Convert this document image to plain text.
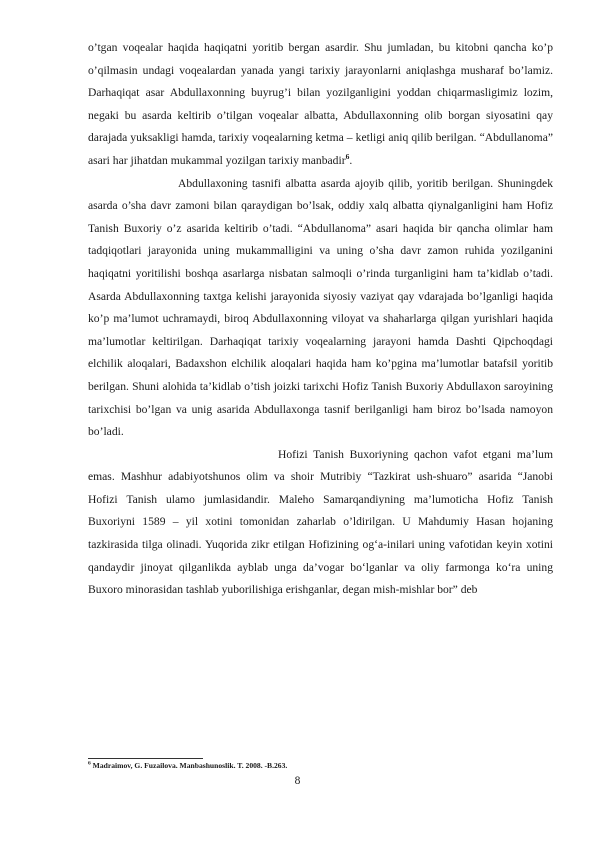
o’tgan voqealar haqida haqiqatni yoritib bergan asardir. Shu jumladan, bu kitobni qancha ko’p o’qilmasin undagi voqealardan yanada yangi tarixiy jarayonlarni aniqlashga musharaf bo’lamiz. Darhaqiqat asar Abdullaxonning buyrug’i bilan yozilganligini yoddan chiqarmasligimiz lozim, negaki bu asarda keltirib o’tilgan voqealar albatta, Abdullaxonning olib borgan siyosatini qay darajada yuksakligi hamda, tarixiy voqealarning ketma – ketligi aniq qilib berilgan. “Abdullanoma” asari har jihatdan mukammal yozilgan tarixiy manbadir$^6$.

Abdullaxoning tasnifi albatta asarda ajoyib qilib, yoritib berilgan. Shuningdek asarda o’sha davr zamoni bilan qaraydigan bo’lsak, oddiy xalq albatta qiynalganligini ham Hofiz Tanish Buxoriy o’z asarida keltirib o’tadi. “Abdullanoma” asari haqida bir qancha olimlar ham tadqiqotlari jarayonida uning mukammalligini va uning o’sha davr zamon ruhida yozilganini haqiqatni yoritilishi boshqa asarlarga nisbatan salmoqli o’rinda turganligini ham ta’kidlab o’tadi. Asarda Abdullaxonning taxtga kelishi jarayonida siyosiy vaziyat qay vdarajada bo’lganligi haqida ko’p ma’lumot uchramaydi, biroq Abdullaxonning viloyat va shaharlarga qilgan yurishlari haqida ma’lumotlar keltirilgan. Darhaqiqat tarixiy voqealarning jarayoni hamda Dashti Qipchoqdagi elchilik aloqalari, Badaxshon elchilik aloqalari haqida ham ko’pgina ma’lumotlar batafsil yoritib berilgan. Shuni alohida ta’kidlab o’tish joizki tarixchi Hofiz Tanish Buxoriy Abdullaxon saroyining tarixchisi bo’lgan va unig asarida Abdullaxonga tasnif berilganligi ham biroz bo’lsada namoyon bo’ladi.

Hofizi Tanish Buxoriyning qachon vafot etgani ma’lum emas. Mashhur adabiyotshunos olim va shoir Mutribiy “Tazkirat ush-shuaro” asarida “Janobi Hofizi Tanish ulamo jumlasidandir. Maleho Samarqandiyning ma’lumoticha Hofiz Tanish Buxoriyni 1589 – yil xotini tomonidan zaharlab o’ldirilgan. U Mahdumiy Hasan hojaning tazkirasida tilga olinadi. Yuqorida zikr etilgan Hofizining og‘a-inilari uning vafotidan keyin xotini qandaydir jinoyat qilganlikda ayblab unga da’vogar bo‘lganlar va oliy farmonga ko‘ra uning Buxoro minorasidan tashlab yuborilishiga erishganlar, degan mish-mishlar bor” deb

$^6$ Madraimov, G. Fuzailova. Manbashunoslik. T. 2008. -B.263.
8
